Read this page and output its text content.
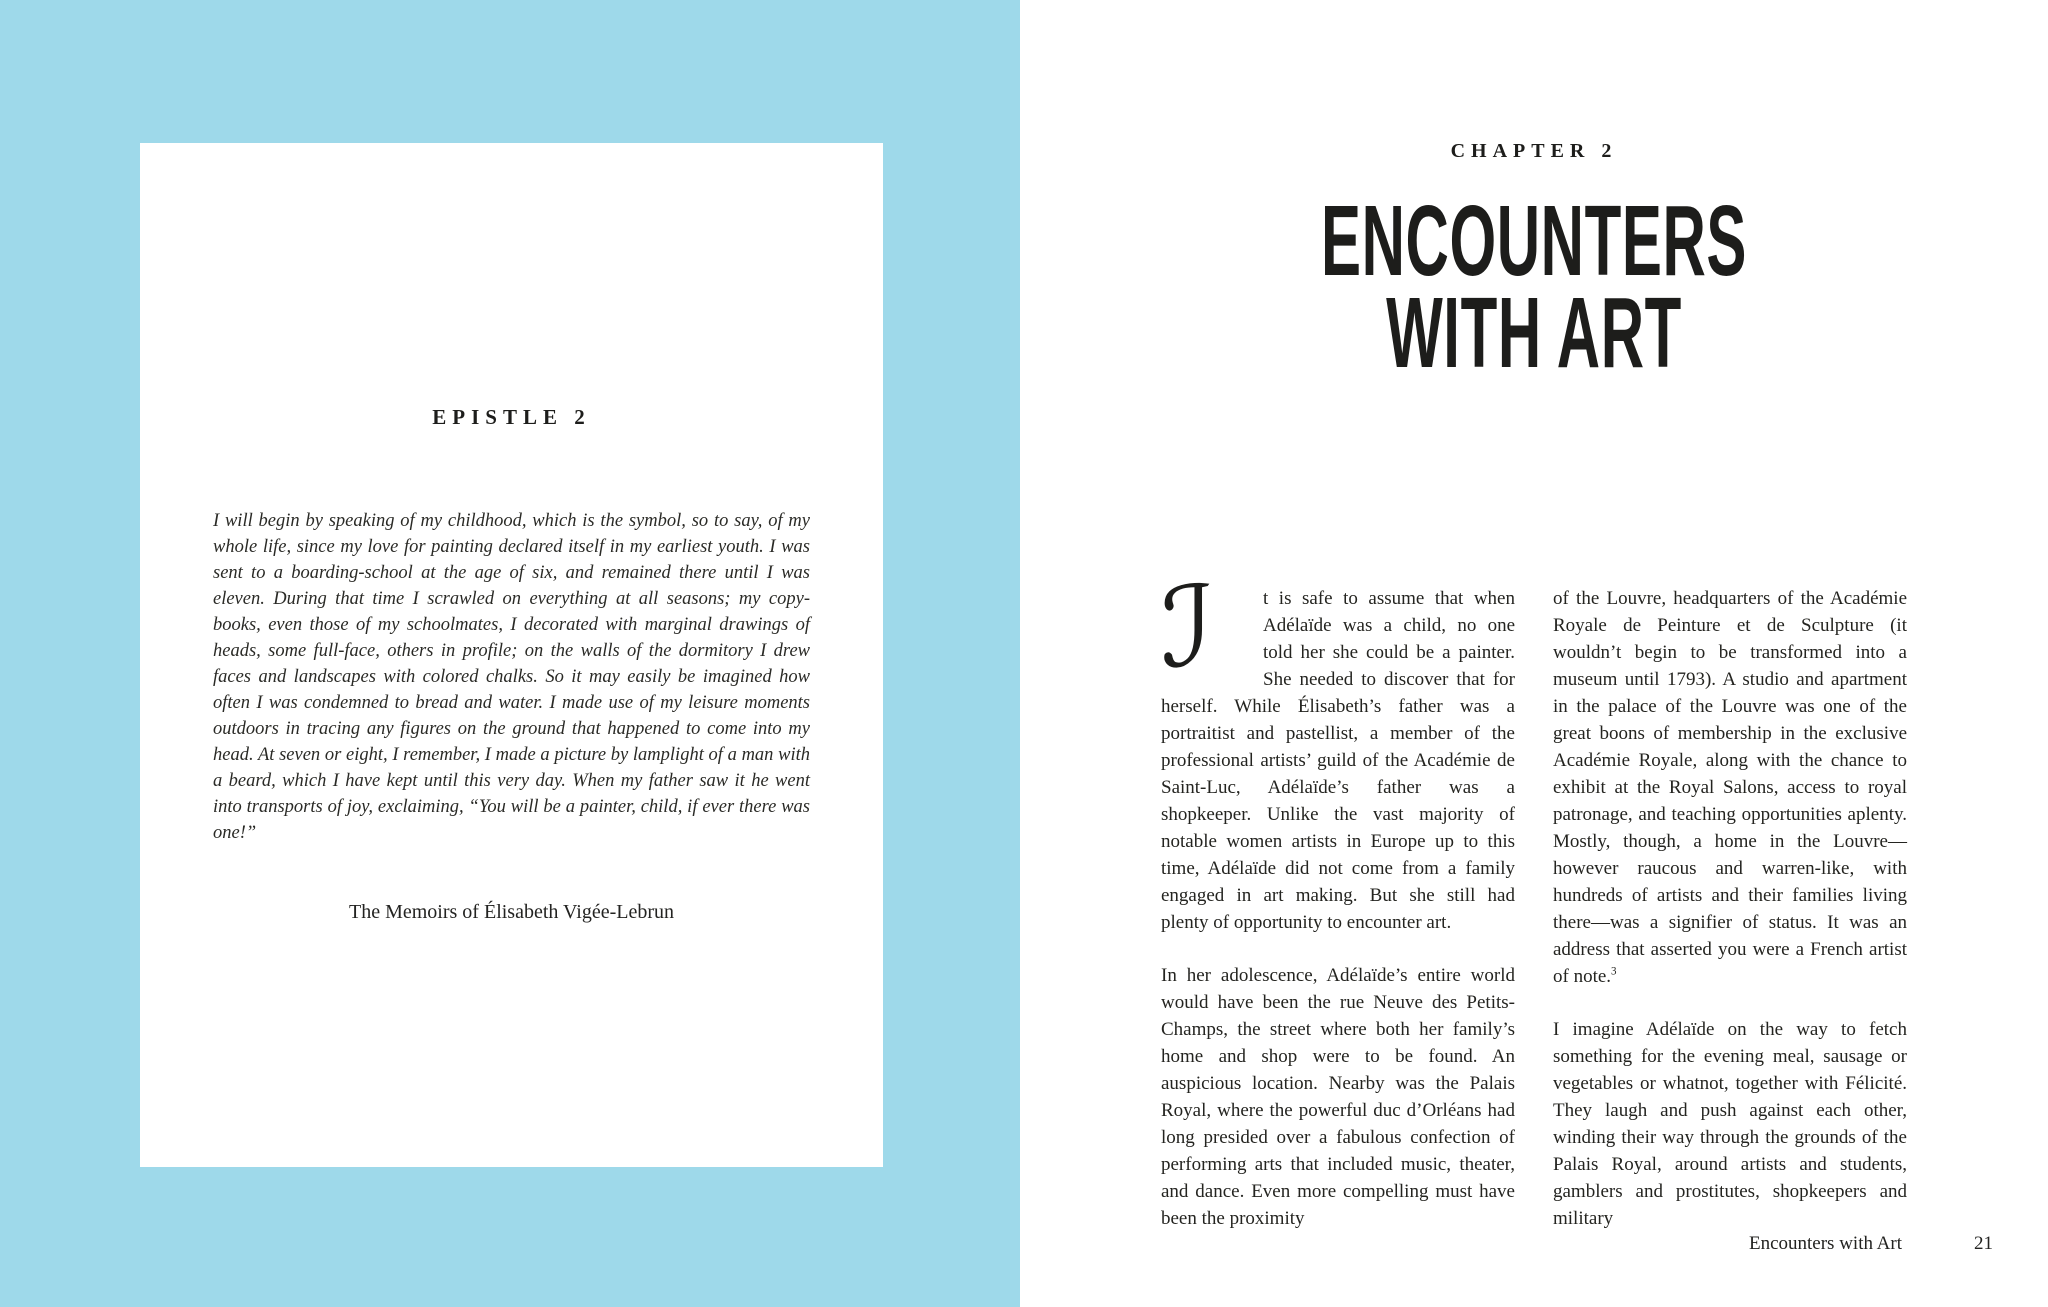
EPISTLE 2
I will begin by speaking of my childhood, which is the symbol, so to say, of my whole life, since my love for painting declared itself in my earliest youth. I was sent to a boarding-school at the age of six, and remained there until I was eleven. During that time I scrawled on everything at all seasons; my copy-books, even those of my schoolmates, I decorated with marginal drawings of heads, some full-face, others in profile; on the walls of the dormitory I drew faces and landscapes with colored chalks. So it may easily be imagined how often I was condemned to bread and water. I made use of my leisure moments outdoors in tracing any figures on the ground that happened to come into my head. At seven or eight, I remember, I made a picture by lamplight of a man with a beard, which I have kept until this very day. When my father saw it he went into transports of joy, exclaiming, “You will be a painter, child, if ever there was one!”
The Memoirs of Élisabeth Vigée-Lebrun
CHAPTER 2
ENCOUNTERS
WITH ART

ℐ	t is safe to assume that when Adélaïde was a child, no one told her she could be a painter. She needed to discover that for herself. While Élisabeth’s father was a portraitist and pastellist, a member of the professional artists’ guild of the Académie de Saint-Luc, Adélaïde’s father was a shopkeeper. Unlike the vast majority of notable women artists in Europe up to this time, Adélaïde did not come from a family engaged in art making. But she still had plenty of opportunity to encounter art.

In her adolescence, Adélaïde’s entire world would have been the rue Neuve des Petits-Champs, the street where both her family’s home and shop were to be found. An auspicious location. Nearby was the Palais Royal, where the powerful duc d’Orléans had long presided over a fabulous confection of performing arts that included music, theater, and dance. Even more compelling must have been the proximity

of the Louvre, headquarters of the Académie Royale de Peinture et de Sculpture (it wouldn’t begin to be transformed into a museum until 1793). A studio and apartment in the palace of the Louvre was one of the great boons of membership in the exclusive Académie Royale, along with the chance to exhibit at the Royal Salons, access to royal patronage, and teaching opportunities aplenty. Mostly, though, a home in the Louvre—however raucous and warren-like, with hundreds of artists and their families living there—was a signifier of status. It was an address that asserted you were a French artist of note.$^3$

I imagine Adélaïde on the way to fetch something for the evening meal, sausage or vegetables or whatnot, together with Félicité. They laugh and push against each other, winding their way through the grounds of the Palais Royal, around artists and students, gamblers and prostitutes, shopkeepers and military

Encounters with Art	21
